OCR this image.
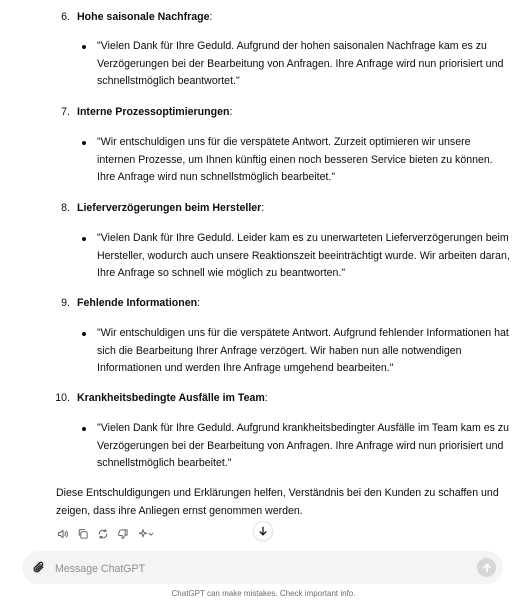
6. Hohe saisonale Nachfrage:
"Vielen Dank für Ihre Geduld. Aufgrund der hohen saisonalen Nachfrage kam es zu Verzögerungen bei der Bearbeitung von Anfragen. Ihre Anfrage wird nun priorisiert und schnellstmöglich beantwortet."
7. Interne Prozessoptimierungen:
"Wir entschuldigen uns für die verspätete Antwort. Zurzeit optimieren wir unsere internen Prozesse, um Ihnen künftig einen noch besseren Service bieten zu können. Ihre Anfrage wird nun schnellstmöglich bearbeitet."
8. Lieferverzögerungen beim Hersteller:
"Vielen Dank für Ihre Geduld. Leider kam es zu unerwarteten Lieferverzögerungen beim Hersteller, wodurch auch unsere Reaktionszeit beeinträchtigt wurde. Wir arbeiten daran, Ihre Anfrage so schnell wie möglich zu beantworten."
9. Fehlende Informationen:
"Wir entschuldigen uns für die verspätete Antwort. Aufgrund fehlender Informationen hat sich die Bearbeitung Ihrer Anfrage verzögert. Wir haben nun alle notwendigen Informationen und werden Ihre Anfrage umgehend bearbeiten."
10. Krankheitsbedingte Ausfälle im Team:
"Vielen Dank für Ihre Geduld. Aufgrund krankheitsbedingter Ausfälle im Team kam es zu Verzögerungen bei der Bearbeitung von Anfragen. Ihre Anfrage wird nun priorisiert und schnellstmöglich bearbeitet."
Diese Entschuldigungen und Erklärungen helfen, Verständnis bei den Kunden zu schaffen und zeigen, dass ihre Anliegen ernst genommen werden.
Message ChatGPT
ChatGPT can make mistakes. Check important info.
